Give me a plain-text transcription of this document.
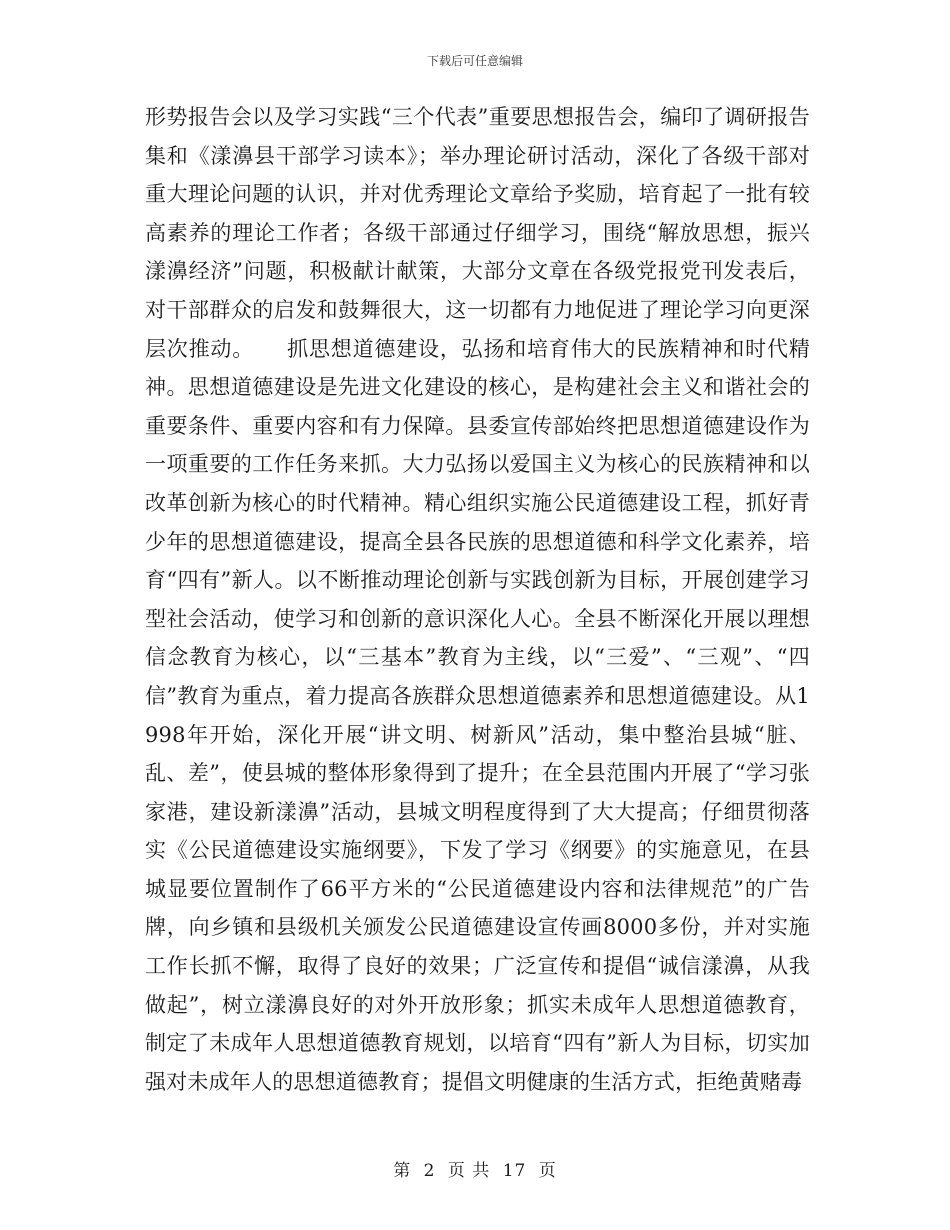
下载后可任意编辑

形势报告会以及学习实践“三个代表”重要思想报告会，编印了调研报告集和《漾濞县干部学习读本》；举办理论研讨活动，深化了各级干部对重大理论问题的认识，并对优秀理论文章给予奖励，培育起了一批有较高素养的理论工作者；各级干部通过仔细学习，围绕“解放思想，振兴漾濞经济”问题，积极献计献策，大部分文章在各级党报党刊发表后，对干部群众的启发和鼓舞很大，这一切都有力地促进了理论学习向更深层次推动。　　抓思想道德建设，弘扬和培育伟大的民族精神和时代精神。思想道德建设是先进文化建设的核心，是构建社会主义和谐社会的重要条件、重要内容和有力保障。县委宣传部始终把思想道德建设作为一项重要的工作任务来抓。大力弘扬以爱国主义为核心的民族精神和以改革创新为核心的时代精神。精心组织实施公民道德建设工程，抓好青少年的思想道德建设，提高全县各民族的思想道德和科学文化素养，培育“四有”新人。以不断推动理论创新与实践创新为目标，开展创建学习型社会活动，使学习和创新的意识深化人心。全县不断深化开展以理想信念教育为核心，以“三基本”教育为主线，以“三爱”、“三观”、“四信”教育为重点，着力提高各族群众思想道德素养和思想道德建设。从1998年开始，深化开展“讲文明、树新风”活动，集中整治县城“脏、乱、差”，使县城的整体形象得到了提升；在全县范围内开展了“学习张家港，建设新漾濞”活动，县城文明程度得到了大大提高；仔细贯彻落实《公民道德建设实施纲要》，下发了学习《纲要》的实施意见，在县城显要位置制作了66平方米的“公民道德建设内容和法律规范”的广告牌，向乡镇和县级机关颁发公民道德建设宣传画8000多份，并对实施工作长抓不懈，取得了良好的效果；广泛宣传和提倡“诚信漾濞，从我做起”，树立漾濞良好的对外开放形象；抓实未成年人思想道德教育，制定了未成年人思想道德教育规划，以培育“四有”新人为目标，切实加强对未成年人的思想道德教育；提倡文明健康的生活方式，拒绝黄赌毒

第 2 页 共 17 页
